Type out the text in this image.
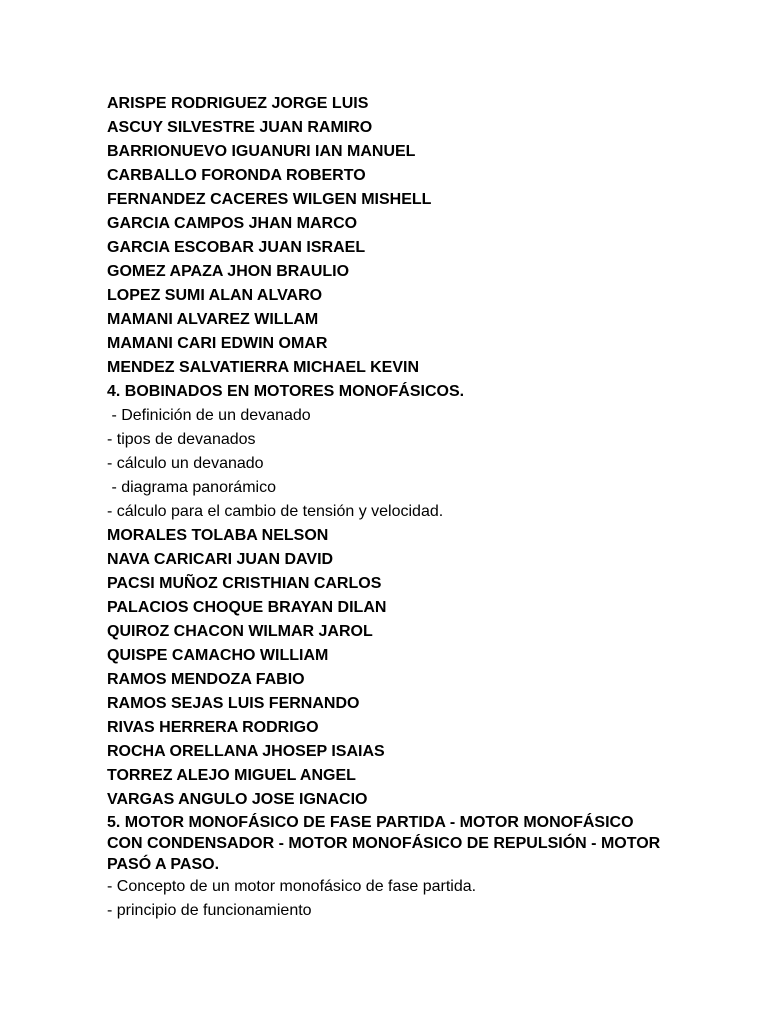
ARISPE RODRIGUEZ JORGE LUIS
ASCUY SILVESTRE JUAN RAMIRO
BARRIONUEVO IGUANURI IAN MANUEL
CARBALLO FORONDA ROBERTO
FERNANDEZ CACERES WILGEN MISHELL
GARCIA CAMPOS JHAN MARCO
GARCIA ESCOBAR JUAN ISRAEL
GOMEZ APAZA JHON BRAULIO
LOPEZ SUMI ALAN ALVARO
MAMANI ALVAREZ WILLAM
MAMANI CARI EDWIN OMAR
MENDEZ SALVATIERRA MICHAEL KEVIN
4. BOBINADOS EN MOTORES MONOFÁSICOS.
- Definición de un devanado
- tipos de devanados
- cálculo un devanado
- diagrama panorámico
- cálculo para el cambio de tensión y velocidad.
MORALES TOLABA NELSON
NAVA CARICARI JUAN DAVID
PACSI MUÑOZ CRISTHIAN CARLOS
PALACIOS CHOQUE BRAYAN DILAN
QUIROZ CHACON WILMAR JAROL
QUISPE CAMACHO WILLIAM
RAMOS MENDOZA FABIO
RAMOS SEJAS LUIS FERNANDO
RIVAS HERRERA RODRIGO
ROCHA ORELLANA JHOSEP ISAIAS
TORREZ ALEJO MIGUEL ANGEL
VARGAS ANGULO JOSE IGNACIO
5. MOTOR MONOFÁSICO DE FASE PARTIDA - MOTOR MONOFÁSICO CON CONDENSADOR - MOTOR MONOFÁSICO DE REPULSIÓN - MOTOR PASÓ A PASO.
- Concepto de un motor monofásico de fase partida.
- principio de funcionamiento
